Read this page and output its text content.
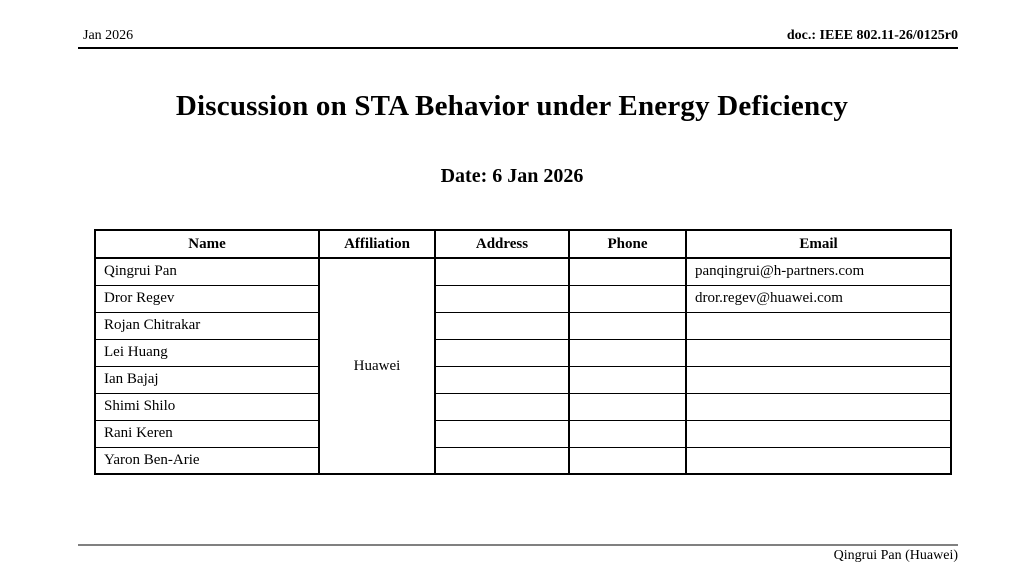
Jan 2026	doc.: IEEE 802.11-26/0125r0
Discussion on STA Behavior under Energy Deficiency
Date: 6 Jan 2026
Name	Affiliation	Address	Phone	Email
Qingrui Pan	Huawei			panqingrui@h-partners.com
Dror Regev				dror.regev@huawei.com
Rojan Chitrakar				
Lei Huang				
Ian Bajaj				
Shimi Shilo				
Rani Keren				
Yaron Ben-Arie				
Qingrui Pan (Huawei)
